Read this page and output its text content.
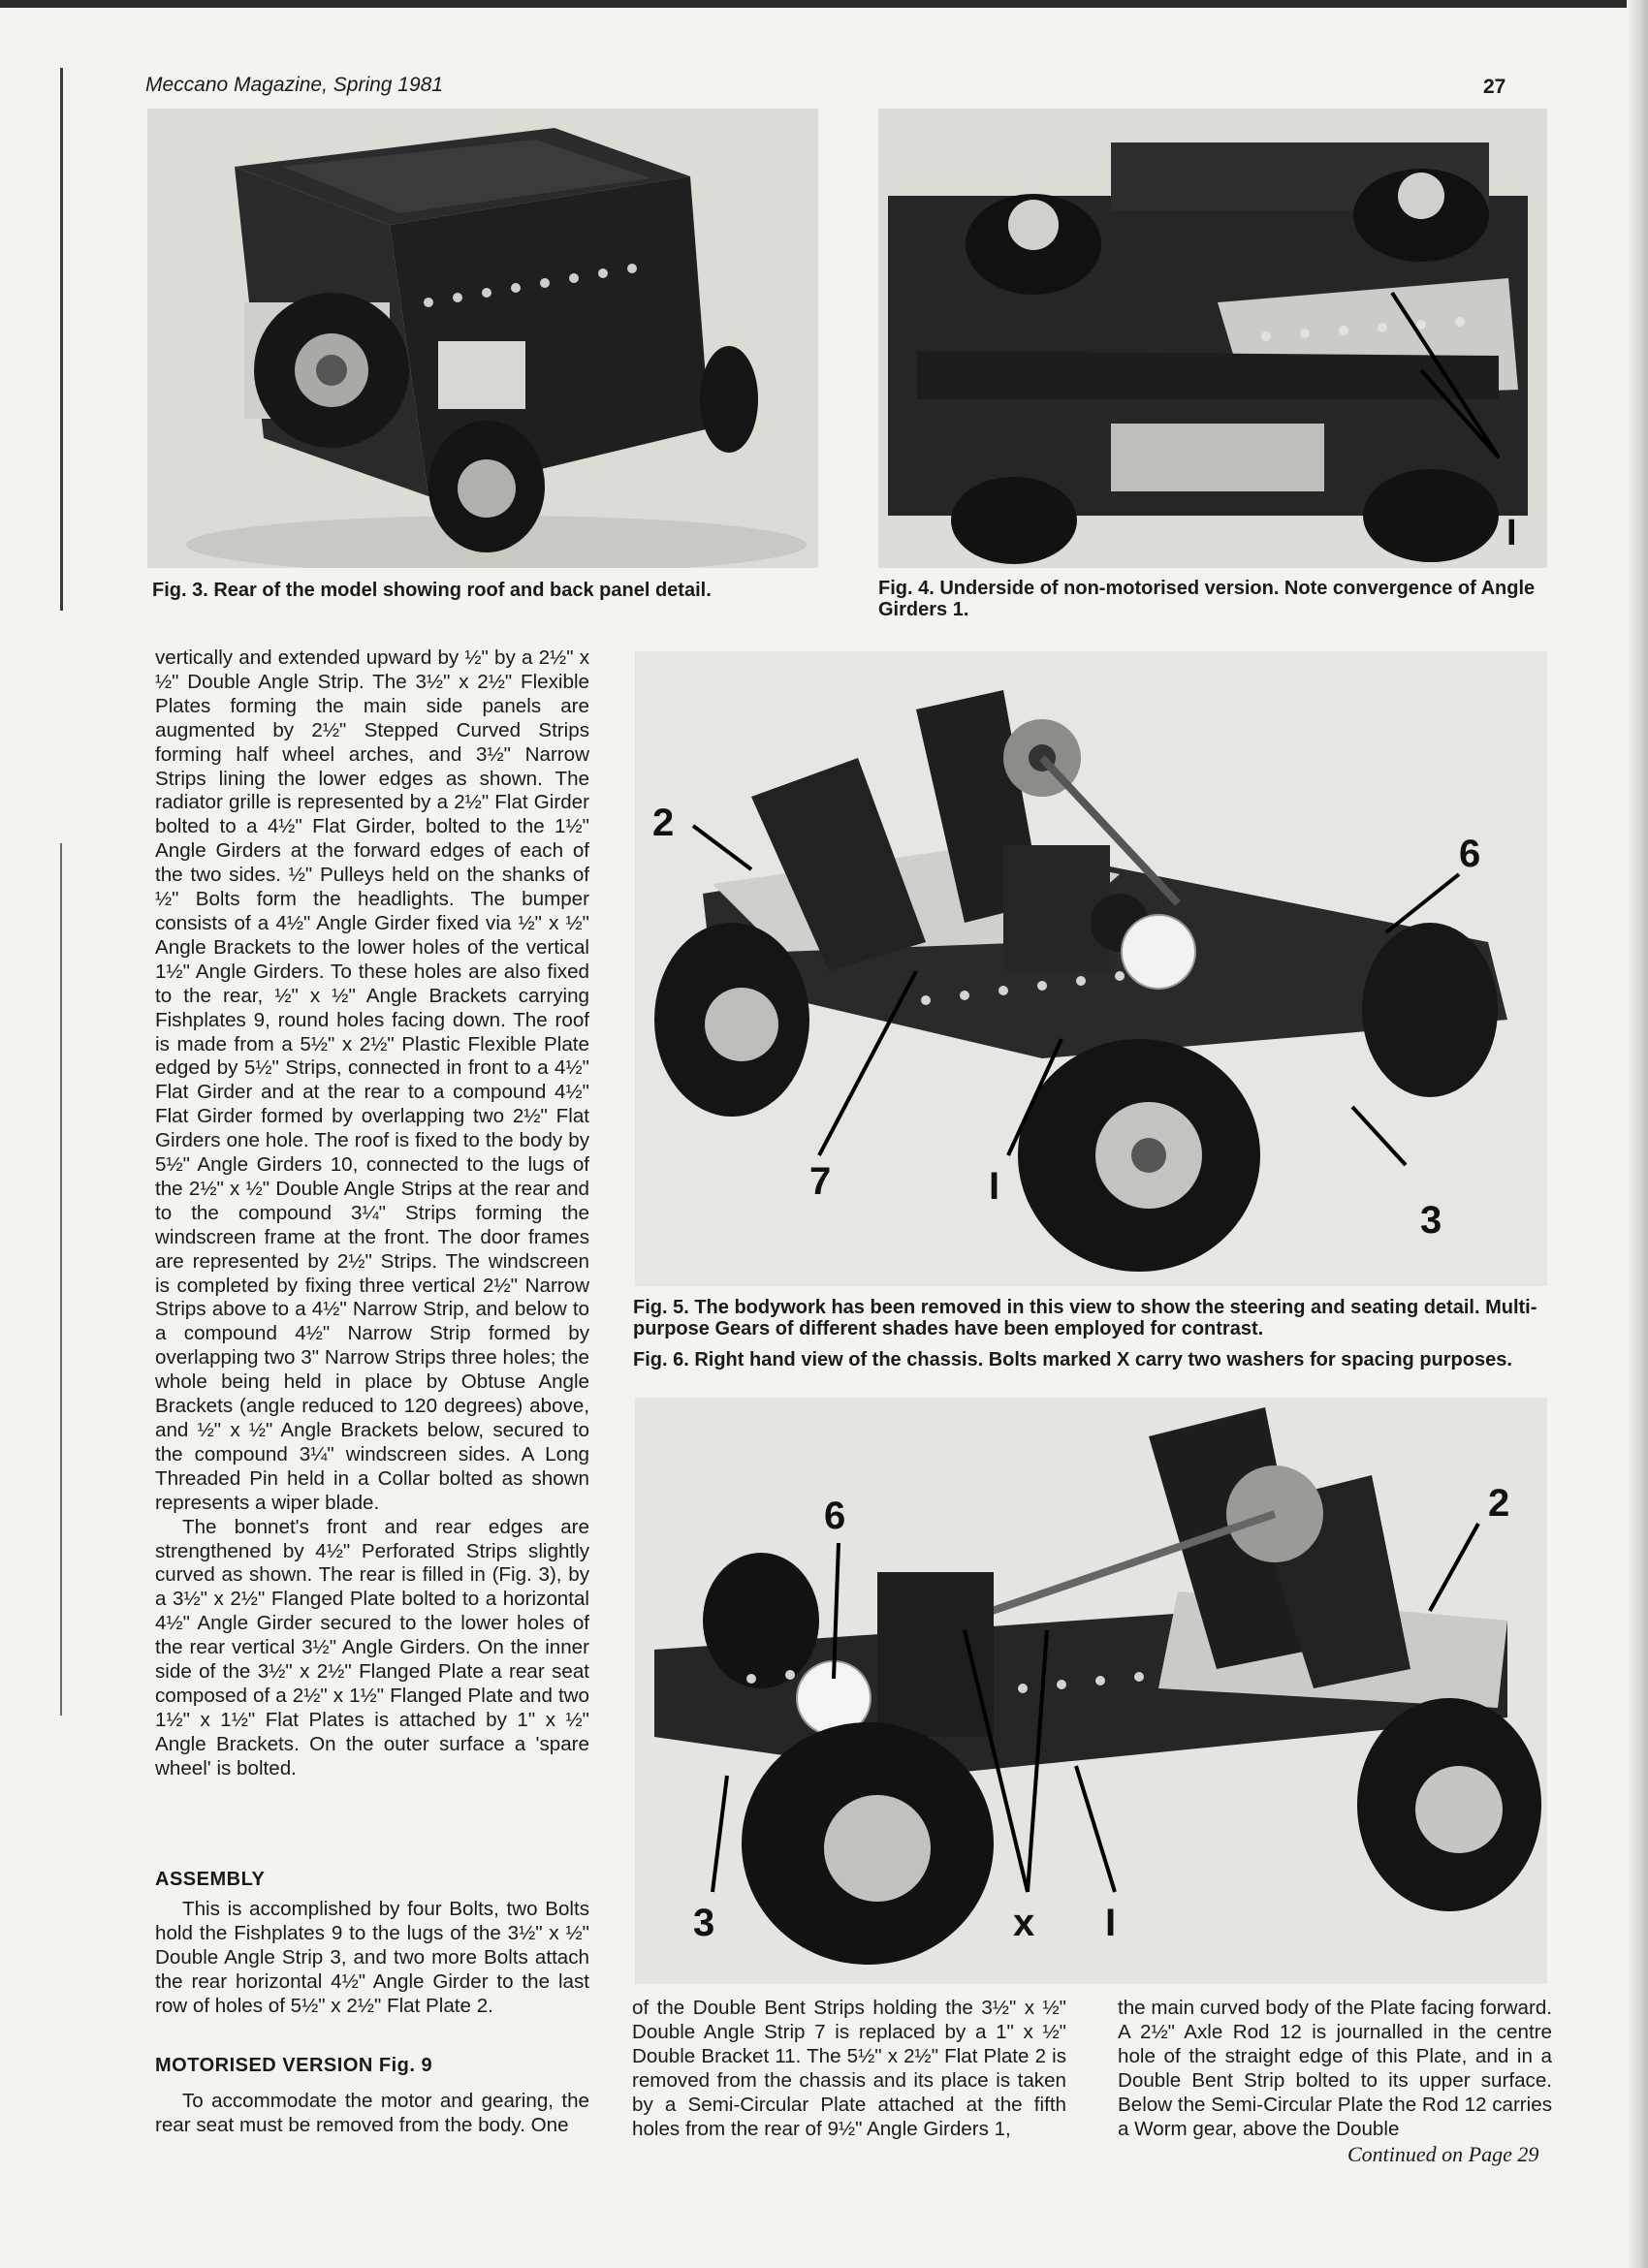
Meccano Magazine, Spring 1981	27
Fig. 3. Rear of the model showing roof and back panel detail.
I
Fig. 4. Underside of non-motorised version. Note convergence of Angle Girders 1.
2
6
7	I
3
Fig. 5. The bodywork has been removed in this view to show the steering and seating detail. Multi-purpose Gears of different shades have been employed for contrast.
Fig. 6. Right hand view of the chassis. Bolts marked X carry two washers for spacing purposes.
6	2
3	x I

vertically and extended upward by ½" by a 2½" x ½" Double Angle Strip. The 3½" x 2½" Flexible Plates forming the main side panels are augmented by 2½" Stepped Curved Strips forming half wheel arches, and 3½" Narrow Strips lining the lower edges as shown. The radiator grille is represented by a 2½" Flat Girder bolted to a 4½" Flat Girder, bolted to the 1½" Angle Girders at the forward edges of each of the two sides. ½" Pulleys held on the shanks of ½" Bolts form the headlights. The bumper consists of a 4½" Angle Girder fixed via ½" x ½" Angle Brackets to the lower holes of the vertical 1½" Angle Girders. To these holes are also fixed to the rear, ½" x ½" Angle Brackets carrying Fishplates 9, round holes facing down. The roof is made from a 5½" x 2½" Plastic Flexible Plate edged by 5½" Strips, connected in front to a 4½" Flat Girder and at the rear to a compound 4½" Flat Girder formed by overlapping two 2½" Flat Girders one hole. The roof is fixed to the body by 5½" Angle Girders 10, connected to the lugs of the 2½" x ½" Double Angle Strips at the rear and to the compound 3¼" Strips forming the windscreen frame at the front. The door frames are represented by 2½" Strips. The windscreen is completed by fixing three vertical 2½" Narrow Strips above to a 4½" Narrow Strip, and below to a compound 4½" Narrow Strip formed by overlapping two 3" Narrow Strips three holes; the whole being held in place by Obtuse Angle Brackets (angle reduced to 120 degrees) above, and ½" x ½" Angle Brackets below, secured to the compound 3¼" windscreen sides. A Long Threaded Pin held in a Collar bolted as shown represents a wiper blade.

The bonnet's front and rear edges are strengthened by 4½" Perforated Strips slightly curved as shown. The rear is filled in (Fig. 3), by a 3½" x 2½" Flanged Plate bolted to a horizontal 4½" Angle Girder secured to the lower holes of the rear vertical 3½" Angle Girders. On the inner side of the 3½" x 2½" Flanged Plate a rear seat composed of a 2½" x 1½" Flanged Plate and two 1½" x 1½" Flat Plates is attached by 1" x ½" Angle Brackets. On the outer surface a 'spare wheel' is bolted.

ASSEMBLY

This is accomplished by four Bolts, two Bolts hold the Fishplates 9 to the lugs of the 3½" x ½" Double Angle Strip 3, and two more Bolts attach the rear horizontal 4½" Angle Girder to the last row of holes of 5½" x 2½" Flat Plate 2.

MOTORISED VERSION Fig. 9

To accommodate the motor and gearing, the rear seat must be removed from the body. One

of the Double Bent Strips holding the 3½" x ½" Double Angle Strip 7 is replaced by a 1" x ½" Double Bracket 11. The 5½" x 2½" Flat Plate 2 is removed from the chassis and its place is taken by a Semi-Circular Plate attached at the fifth holes from the rear of 9½" Angle Girders 1,

the main curved body of the Plate facing forward. A 2½" Axle Rod 12 is journalled in the centre hole of the straight edge of this Plate, and in a Double Bent Strip bolted to its upper surface. Below the Semi-Circular Plate the Rod 12 carries a Worm gear, above the Double

Continued on Page 29
